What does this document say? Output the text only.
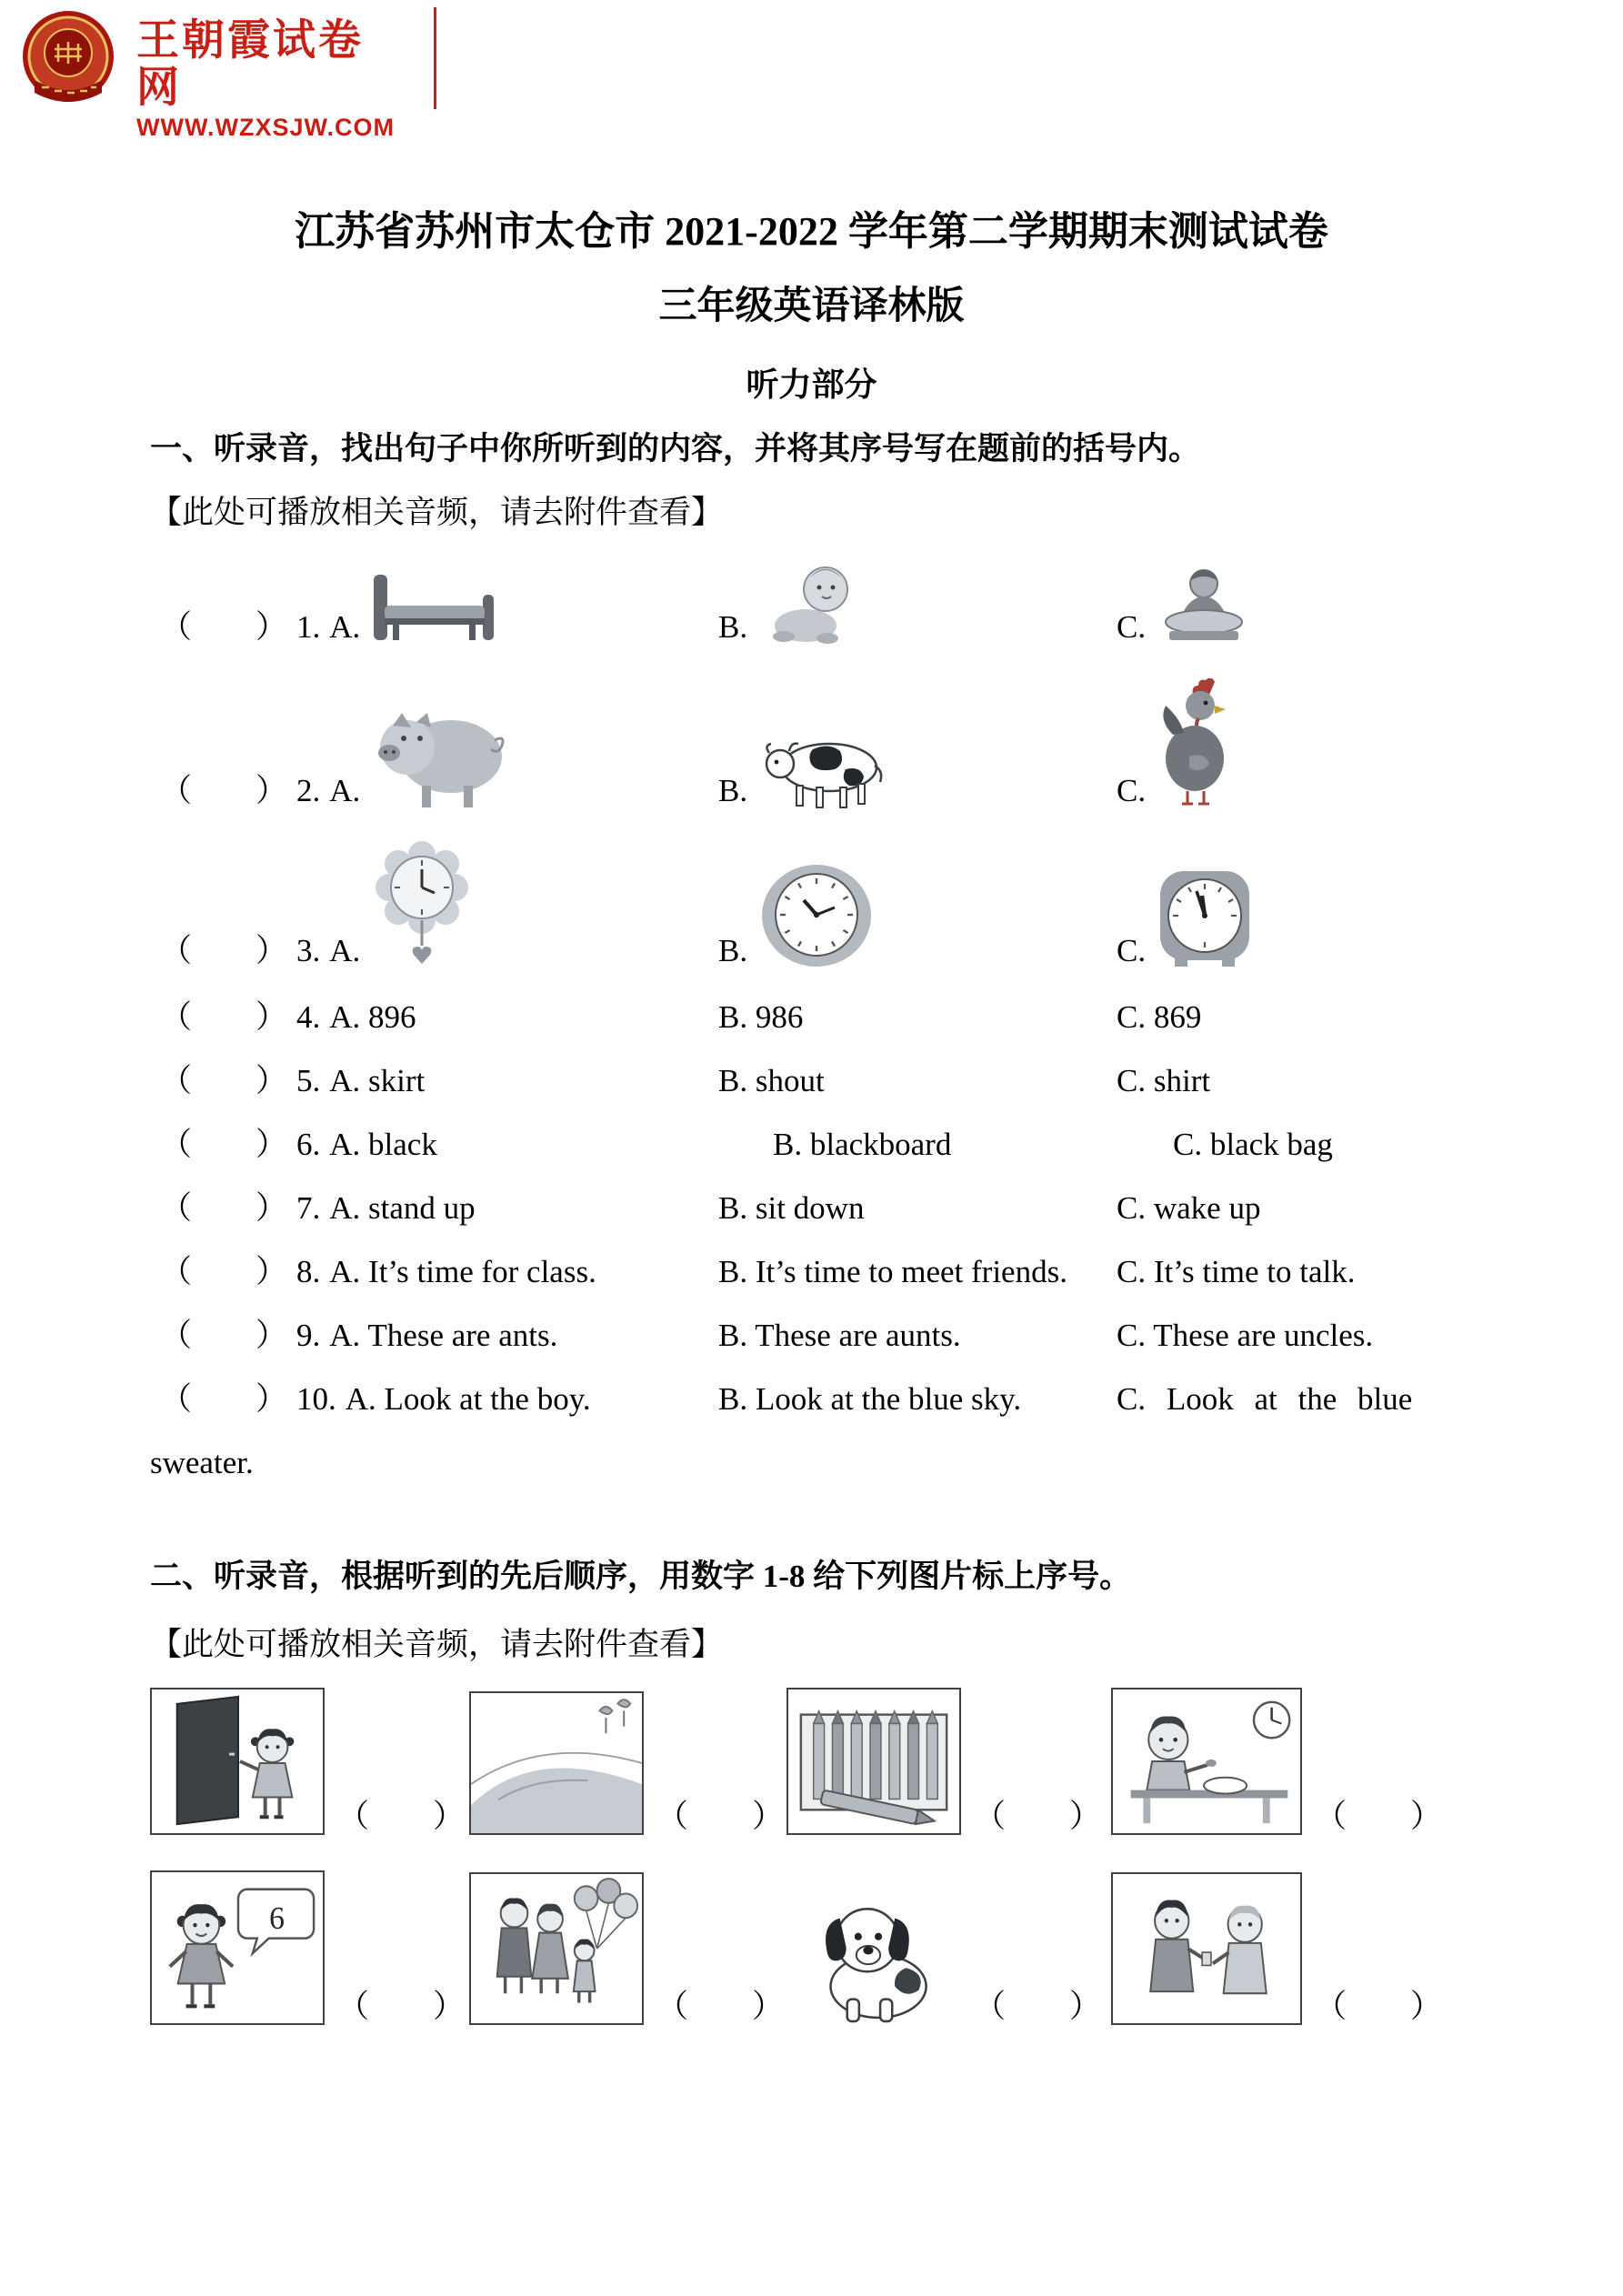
王朝霞试卷网
WWW.WZXSJW.COM
江苏省苏州市太仓市 2021-2022 学年第二学期期末测试试卷
三年级英语译林版
听力部分
一、听录音，找出句子中你所听到的内容，并将其序号写在题前的括号内。
【此处可播放相关音频，请去附件查看】
（　　） 1. A.	B.	C.
（　　） 2. A.	B.	C.
（　　） 3. A.	B.	C.
（　　） 4. A. 896	B. 986	C. 869
（　　） 5. A. skirt	B. shout	C. shirt
（　　） 6. A. black	B. blackboard	C. black bag
（　　） 7. A. stand up	B. sit down	C. wake up
（　　） 8. A. It’s time for class.	B. It’s time to meet friends.	C. It’s time to talk.
（　　） 9. A. These are ants.	B. These are aunts.	C. These are uncles.
（　　） 10. A. Look at the boy.	B. Look at the blue sky.	C. Look at the blue
sweater.
二、听录音，根据听到的先后顺序，用数字 1-8 给下列图片标上序号。
【此处可播放相关音频，请去附件查看】
（　　）	（　　）	（　　）	（　　）
6
（　　）	（　　）	（　　）	（　　）
